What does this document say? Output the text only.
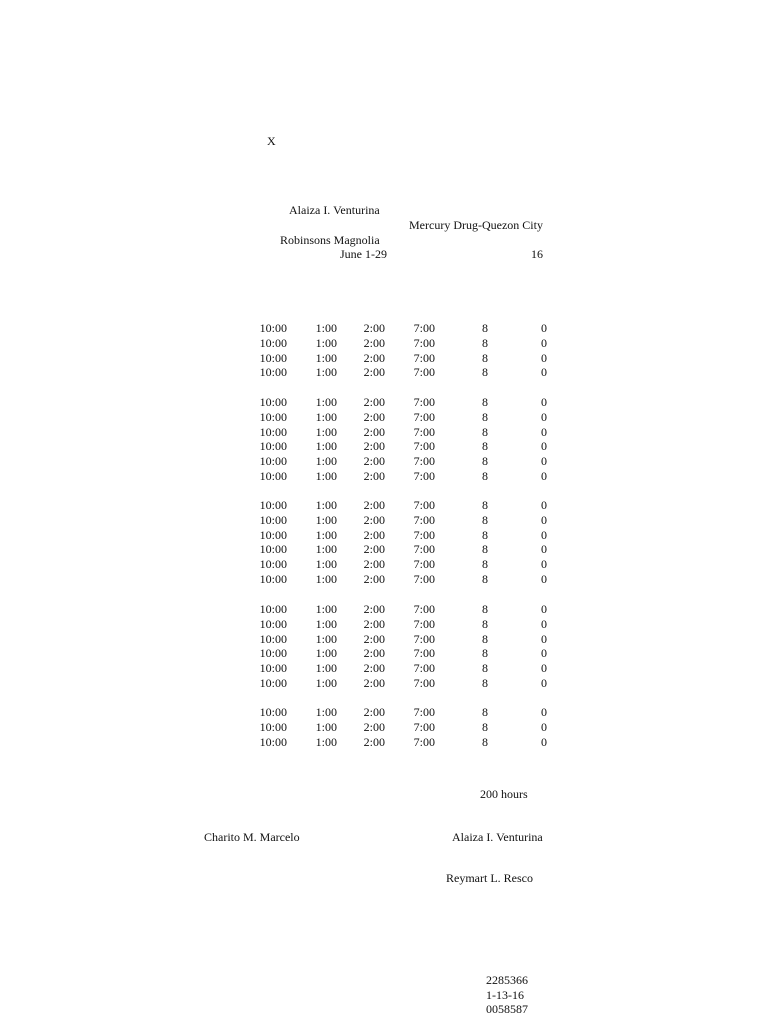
X
Alaiza I. Venturina
Mercury Drug-Quezon City
Robinsons Magnolia
June 1-29	16
10:00	1:00	2:00	7:00	8	0
10:00	1:00	2:00	7:00	8	0
10:00	1:00	2:00	7:00	8	0
10:00	1:00	2:00	7:00	8	0
10:00	1:00	2:00	7:00	8	0
10:00	1:00	2:00	7:00	8	0
10:00	1:00	2:00	7:00	8	0
10:00	1:00	2:00	7:00	8	0
10:00	1:00	2:00	7:00	8	0
10:00	1:00	2:00	7:00	8	0
10:00	1:00	2:00	7:00	8	0
10:00	1:00	2:00	7:00	8	0
10:00	1:00	2:00	7:00	8	0
10:00	1:00	2:00	7:00	8	0
10:00	1:00	2:00	7:00	8	0
10:00	1:00	2:00	7:00	8	0
10:00	1:00	2:00	7:00	8	0
10:00	1:00	2:00	7:00	8	0
10:00	1:00	2:00	7:00	8	0
10:00	1:00	2:00	7:00	8	0
10:00	1:00	2:00	7:00	8	0
10:00	1:00	2:00	7:00	8	0
10:00	1:00	2:00	7:00	8	0
10:00	1:00	2:00	7:00	8	0
10:00	1:00	2:00	7:00	8	0
200 hours
Charito M. Marcelo	Alaiza I. Venturina
Reymart L. Resco
2285366
1-13-16
0058587
